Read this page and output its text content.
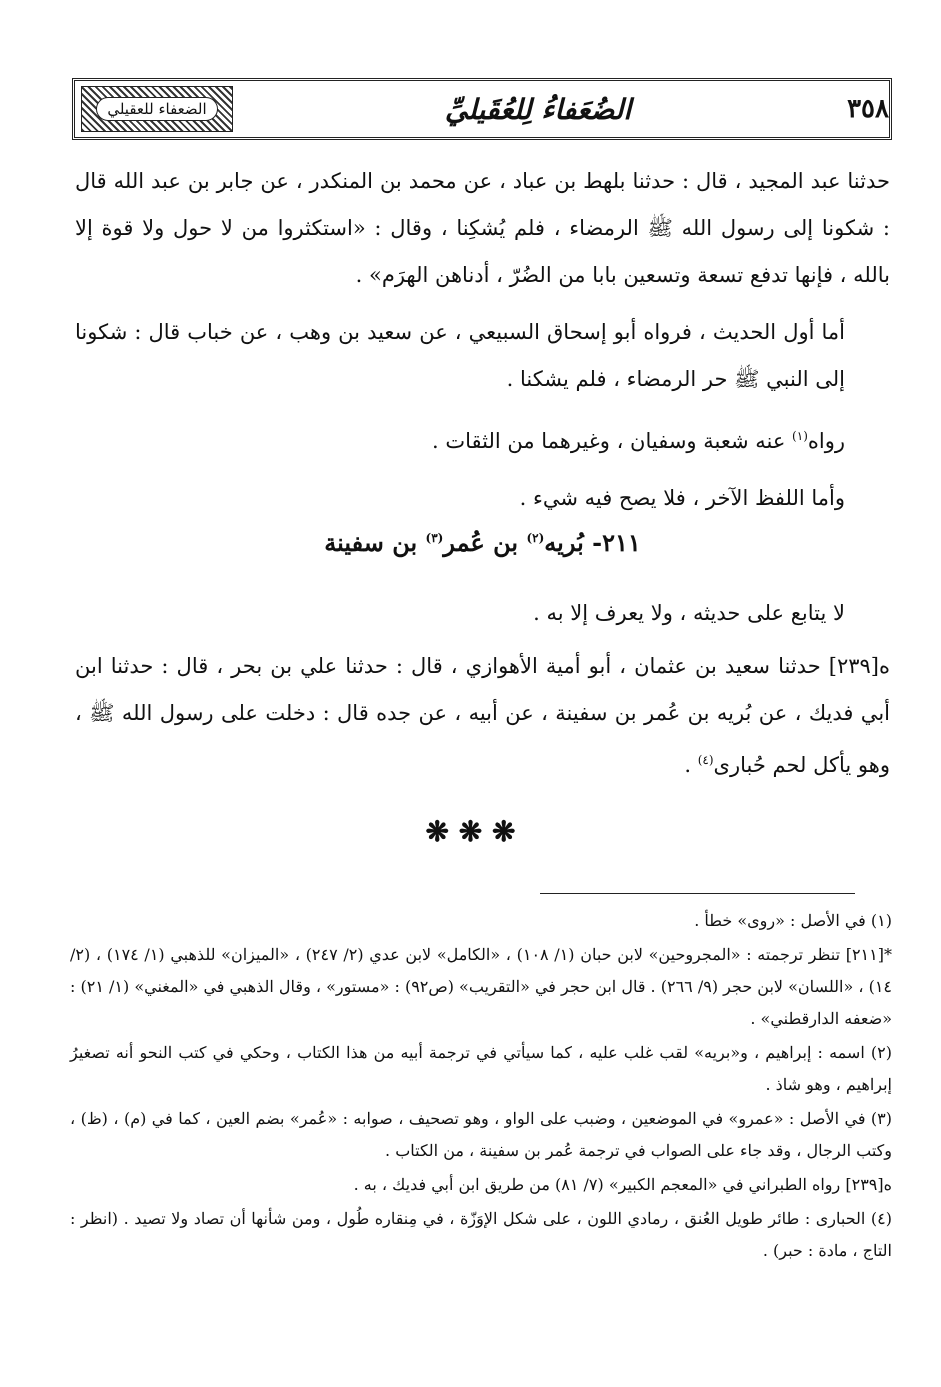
الضعفاء للعقيلي	الضُعَفاءُ لِلعُقَيليِّ	٣٥٨

حدثنا عبد المجيد ، قال : حدثنا بلهط بن عباد ، عن محمد بن المنكدر ، عن جابر بن عبد الله قال : شكونا إلى رسول الله ﷺ الرمضاء ، فلم يُشكِنا ، وقال : «استكثروا من لا حول ولا قوة إلا بالله ، فإنها تدفع تسعة وتسعين بابا من الضُرّ ، أدناهن الهرَم» .

أما أول الحديث ، فرواه أبو إسحاق السبيعي ، عن سعيد بن وهب ، عن خباب قال : شكونا إلى النبي ﷺ حر الرمضاء ، فلم يشكنا .

رواه$^{(١)}$ عنه شعبة وسفيان ، وغيرهما من الثقات .

وأما اللفظ الآخر ، فلا يصح فيه شيء .

٢١١- بُريه$^{(٢)}$ بن عُمر$^{(٣)}$ بن سفينة

لا يتابع على حديثه ، ولا يعرف إلا به .

ه[٢٣٩] حدثنا سعيد بن عثمان ، أبو أمية الأهوازي ، قال : حدثنا علي بن بحر ، قال : حدثنا ابن أبي فديك ، عن بُريه بن عُمر بن سفينة ، عن أبيه ، عن جده قال : دخلت على رسول الله ﷺ ، وهو يأكل لحم حُبارى$^{(٤)}$ .

❋ ❋ ❋

(١) في الأصل : «روى» خطأ .

*[٢١١] تنظر ترجمته : «المجروحين» لابن حبان (١/ ١٠٨) ، «الكامل» لابن عدي (٢/ ٢٤٧) ، «الميزان» للذهبي (١/ ١٧٤) ، (٢/ ١٤) ، «اللسان» لابن حجر (٩/ ٢٦٦) . قال ابن حجر في «التقريب» (ص٩٢) : «مستور» ، وقال الذهبي في «المغني» (١/ ٢١) : «ضعفه الدارقطني» .

(٢) اسمه : إبراهيم ، و«بريه» لقب غلب عليه ، كما سيأتي في ترجمة أبيه من هذا الكتاب ، وحكي في كتب النحو أنه تصغيرُ إبراهيم ، وهو شاذ .

(٣) في الأصل : «عمرو» في الموضعين ، وضبب على الواو ، وهو تصحيف ، صوابه : «عُمر» بضم العين ، كما في (م) ، (ظ) ، وكتب الرجال ، وقد جاء على الصواب في ترجمة عُمر بن سفينة ، من الكتاب .

ه[٢٣٩] رواه الطبراني في «المعجم الكبير» (٧/ ٨١) من طريق ابن أبي فديك ، به .

(٤) الحبارى : طائر طويل العُنق ، رمادي اللون ، على شكل الإوَزّة ، في مِنقاره طُول ، ومن شأنها أن تصاد ولا تصيد . (انظر : التاج ، مادة : حبر) .
